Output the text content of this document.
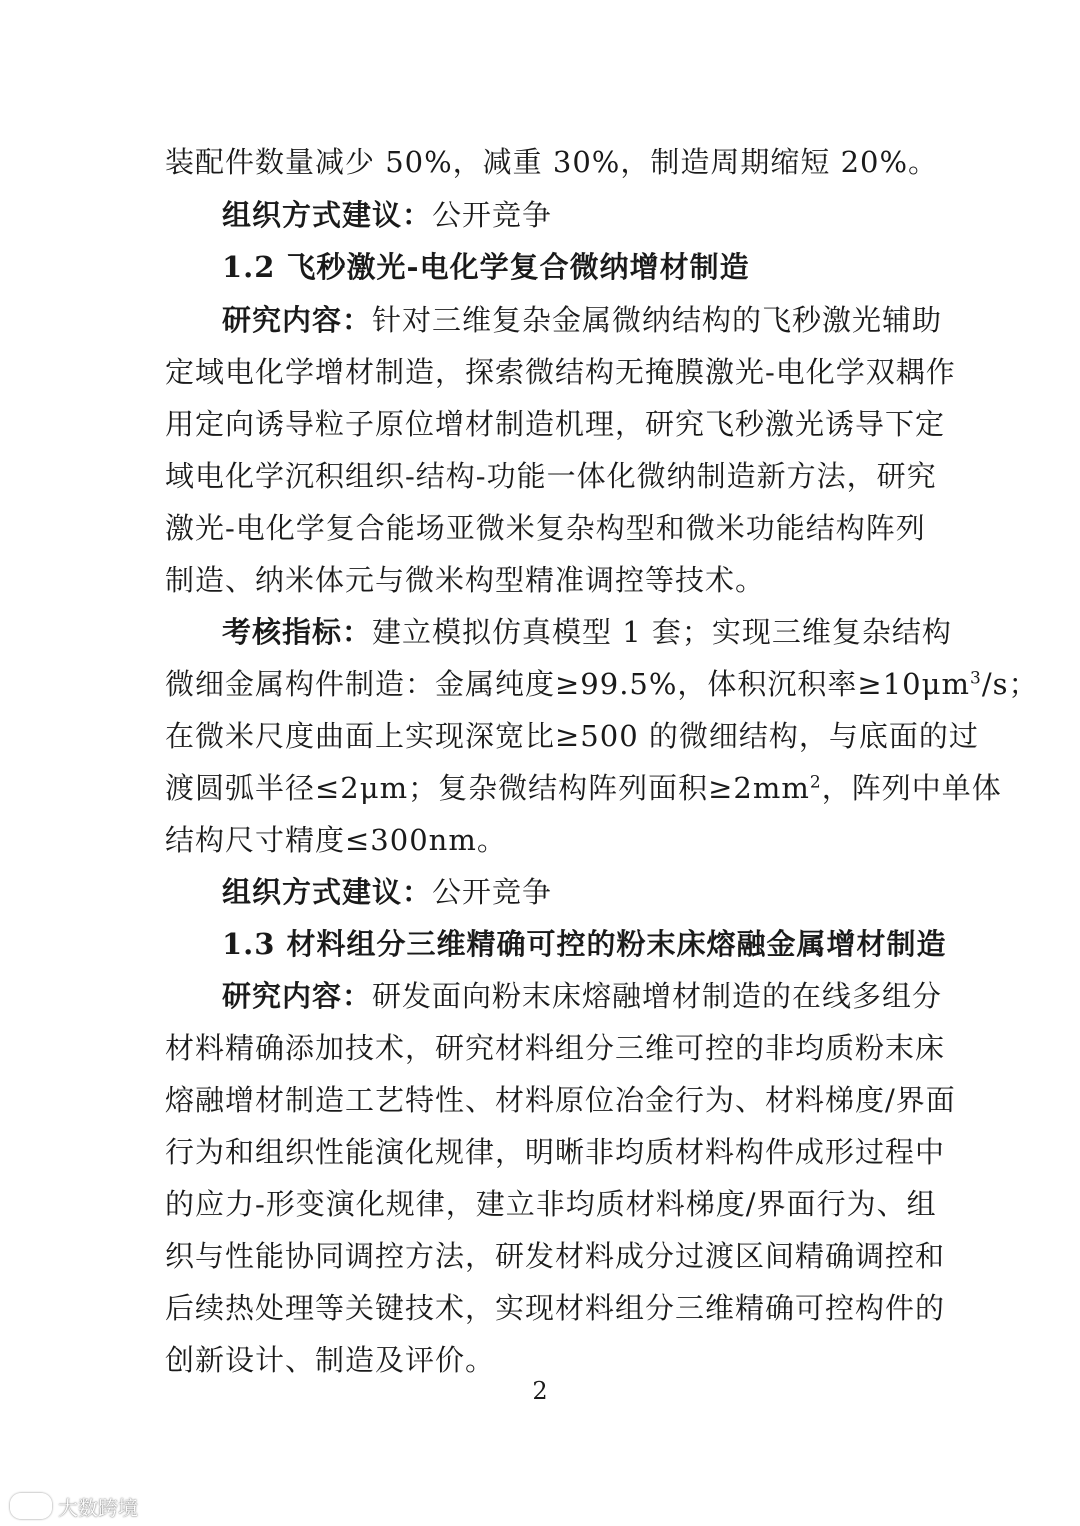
装配件数量减少 50%，减重 30%，制造周期缩短 20%。
组织方式建议：公开竞争
1.2 飞秒激光-电化学复合微纳增材制造
研究内容：针对三维复杂金属微纳结构的飞秒激光辅助
定域电化学增材制造，探索微结构无掩膜激光-电化学双耦作
用定向诱导粒子原位增材制造机理，研究飞秒激光诱导下定
域电化学沉积组织-结构-功能一体化微纳制造新方法，研究
激光-电化学复合能场亚微米复杂构型和微米功能结构阵列
制造、纳米体元与微米构型精准调控等技术。
考核指标：建立模拟仿真模型 1 套；实现三维复杂结构
微细金属构件制造：金属纯度≥99.5%，体积沉积率$\ge 10\mu m^3/s$；
在微米尺度曲面上实现深宽比≥500 的微细结构，与底面的过
渡圆弧半径≤2μm；复杂微结构阵列面积$\ge 2mm^2$，阵列中单体
结构尺寸精度≤300nm。
组织方式建议：公开竞争
1.3 材料组分三维精确可控的粉末床熔融金属增材制造
研究内容：研发面向粉末床熔融增材制造的在线多组分
材料精确添加技术，研究材料组分三维可控的非均质粉末床
熔融增材制造工艺特性、材料原位冶金行为、材料梯度/界面
行为和组织性能演化规律，明晰非均质材料构件成形过程中
的应力-形变演化规律，建立非均质材料梯度/界面行为、组
织与性能协同调控方法，研发材料成分过渡区间精确调控和
后续热处理等关键技术，实现材料组分三维精确可控构件的
创新设计、制造及评价。
2
大数跨境
